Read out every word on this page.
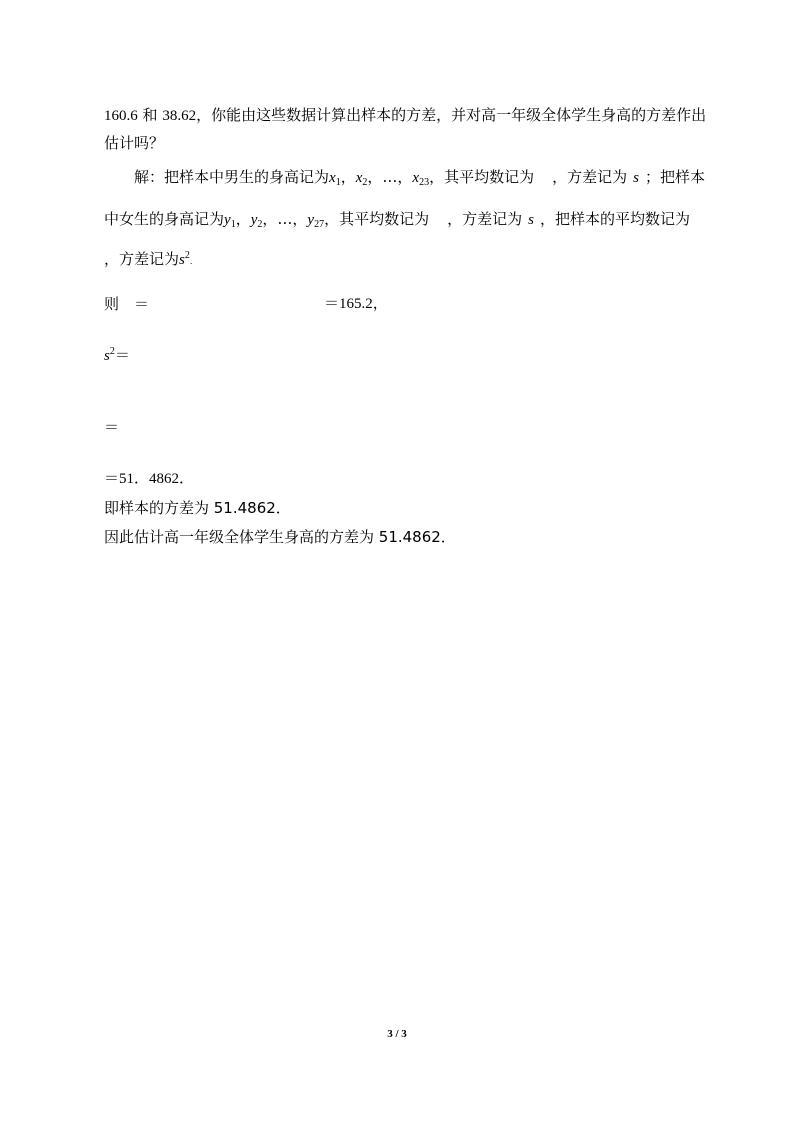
160.6 和 38.62，你能由这些数据计算出样本的方差，并对高一年级全体学生身高的方差作出
估计吗？
解：把样本中男生的身高记为$x_1$，$x_2$，…，$x_{23}$，其平均数记为 ，方差记为 s ；把样本
中女生的身高记为$y_1$，$y_2$，…，$y_{27}$，其平均数记为 ，方差记为 s ，把样本的平均数记为
，方差记为$s^2$.
则 ＝	＝165.2，
$s^2=$
＝
＝51．4862．
即样本的方差为 51.4862．
因此估计高一年级全体学生身高的方差为 51.4862．
3 / 3
